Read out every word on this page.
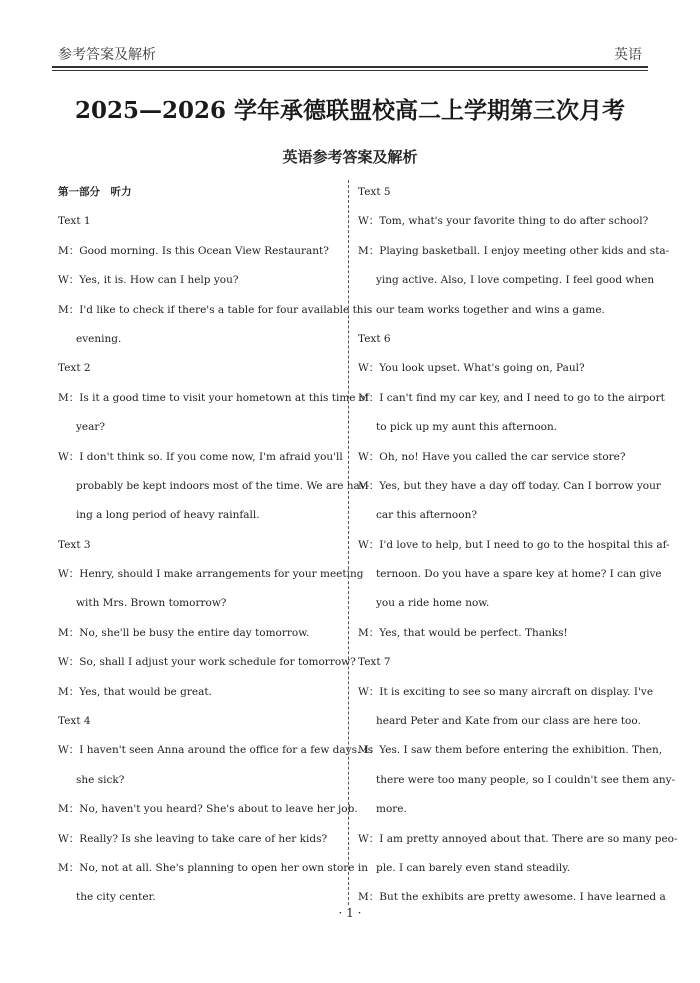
参考答案及解析	英语
2025—2026 学年承德联盟校高二上学期第三次月考
英语参考答案及解析
第一部分　听力
Text 1
M：Good morning. Is this Ocean View Restaurant?
W：Yes, it is. How can I help you?
M：I'd like to check if there's a table for four available this
evening.
Text 2
M：Is it a good time to visit your hometown at this time of
year?
W：I don't think so. If you come now, I'm afraid you'll
probably be kept indoors most of the time. We are hav-
ing a long period of heavy rainfall.
Text 3
W：Henry, should I make arrangements for your meeting
with Mrs. Brown tomorrow?
M：No, she'll be busy the entire day tomorrow.
W：So, shall I adjust your work schedule for tomorrow?
M：Yes, that would be great.
Text 4
W：I haven't seen Anna around the office for a few days. Is
she sick?
M：No, haven't you heard? She's about to leave her job.
W：Really? Is she leaving to take care of her kids?
M：No, not at all. She's planning to open her own store in
the city center.
Text 5
W：Tom, what's your favorite thing to do after school?
M：Playing basketball. I enjoy meeting other kids and sta-
ying active. Also, I love competing. I feel good when
our team works together and wins a game.
Text 6
W：You look upset. What's going on, Paul?
M：I can't find my car key, and I need to go to the airport
to pick up my aunt this afternoon.
W：Oh, no! Have you called the car service store?
M：Yes, but they have a day off today. Can I borrow your
car this afternoon?
W：I'd love to help, but I need to go to the hospital this af-
ternoon. Do you have a spare key at home? I can give
you a ride home now.
M：Yes, that would be perfect. Thanks!
Text 7
W：It is exciting to see so many aircraft on display. I've
heard Peter and Kate from our class are here too.
M：Yes. I saw them before entering the exhibition. Then,
there were too many people, so I couldn't see them any-
more.
W：I am pretty annoyed about that. There are so many peo-
ple. I can barely even stand steadily.
M：But the exhibits are pretty awesome. I have learned a
· 1 ·
